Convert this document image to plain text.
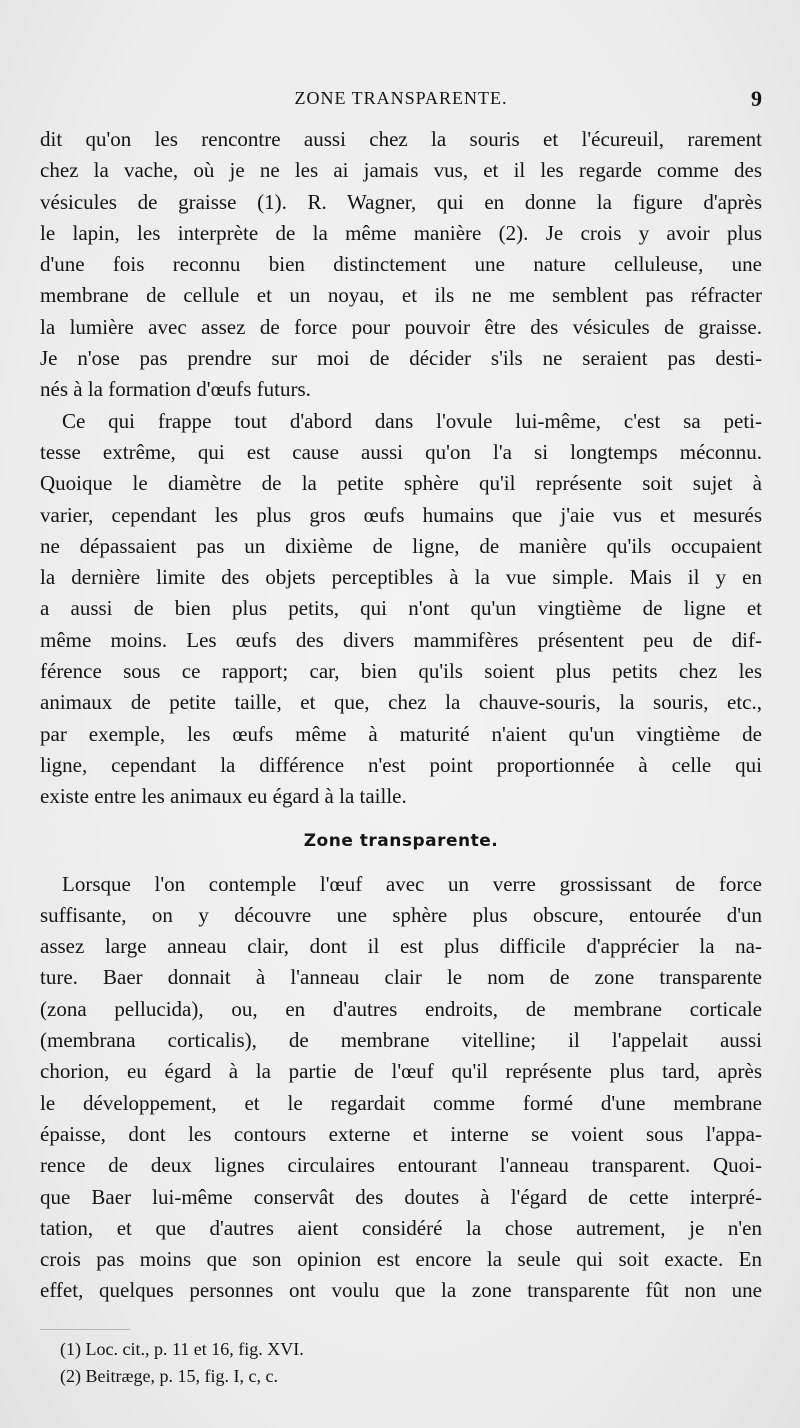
ZONE TRANSPARENTE.	9
dit qu'on les rencontre aussi chez la souris et l'écureuil, rarement
chez la vache, où je ne les ai jamais vus, et il les regarde comme des
vésicules de graisse (1). R. Wagner, qui en donne la figure d'après
le lapin, les interprète de la même manière (2). Je crois y avoir plus
d'une fois reconnu bien distinctement une nature celluleuse, une
membrane de cellule et un noyau, et ils ne me semblent pas réfracter
la lumière avec assez de force pour pouvoir être des vésicules de graisse.
Je n'ose pas prendre sur moi de décider s'ils ne seraient pas desti-
nés à la formation d'œufs futurs.
Ce qui frappe tout d'abord dans l'ovule lui-même, c'est sa peti-
tesse extrême, qui est cause aussi qu'on l'a si longtemps méconnu.
Quoique le diamètre de la petite sphère qu'il représente soit sujet à
varier, cependant les plus gros œufs humains que j'aie vus et mesurés
ne dépassaient pas un dixième de ligne, de manière qu'ils occupaient
la dernière limite des objets perceptibles à la vue simple. Mais il y en
a aussi de bien plus petits, qui n'ont qu'un vingtième de ligne et
même moins. Les œufs des divers mammifères présentent peu de dif-
férence sous ce rapport; car, bien qu'ils soient plus petits chez les
animaux de petite taille, et que, chez la chauve-souris, la souris, etc.,
par exemple, les œufs même à maturité n'aient qu'un vingtième de
ligne, cependant la différence n'est point proportionnée à celle qui
existe entre les animaux eu égard à la taille.
Zone transparente.
Lorsque l'on contemple l'œuf avec un verre grossissant de force
suffisante, on y découvre une sphère plus obscure, entourée d'un
assez large anneau clair, dont il est plus difficile d'apprécier la na-
ture. Baer donnait à l'anneau clair le nom de zone transparente
(zona pellucida), ou, en d'autres endroits, de membrane corticale
(membrana corticalis), de membrane vitelline; il l'appelait aussi
chorion, eu égard à la partie de l'œuf qu'il représente plus tard, après
le développement, et le regardait comme formé d'une membrane
épaisse, dont les contours externe et interne se voient sous l'appa-
rence de deux lignes circulaires entourant l'anneau transparent. Quoi-
que Baer lui-même conservât des doutes à l'égard de cette interpré-
tation, et que d'autres aient considéré la chose autrement, je n'en
crois pas moins que son opinion est encore la seule qui soit exacte. En
effet, quelques personnes ont voulu que la zone transparente fût non une
(1) Loc. cit., p. 11 et 16, fig. XVI.
(2) Beitræge, p. 15, fig. I, c, c.
